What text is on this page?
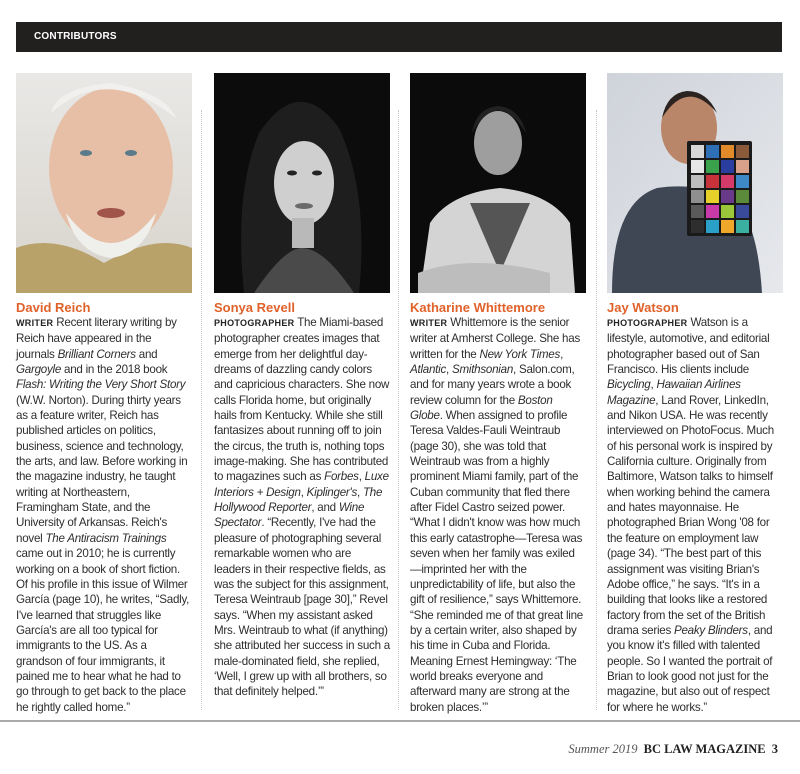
CONTRIBUTORS
David Reich
WRITER Recent literary writing by Reich have appeared in the journals Brilliant Corners and Gargoyle and in the 2018 book Flash: Writing the Very Short Story (W.W. Norton). During thirty years as a feature writer, Reich has published articles on politics, business, science and technology, the arts, and law. Before working in the magazine industry, he taught writing at Northeastern, Framingham State, and the University of Arkansas. Reich's novel The Antiracism Trainings came out in 2010; he is currently working on a book of short fiction. Of his profile in this issue of Wilmer García (page 10), he writes, “Sadly, I've learned that struggles like García's are all too typical for immigrants to the US. As a grandson of four immigrants, it pained me to hear what he had to go through to get back to the place he rightly called home.”
Sonya Revell
PHOTOGRAPHER The Miami-based photographer creates images that emerge from her delightful day-dreams of dazzling candy colors and capricious characters. She now calls Florida home, but originally hails from Kentucky. While she still fantasizes about running off to join the circus, the truth is, nothing tops image-making. She has contributed to magazines such as Forbes, Luxe Interiors + Design, Kiplinger's, The Hollywood Reporter, and Wine Spectator. “Recently, I've had the pleasure of photographing several remarkable women who are leaders in their respective fields, as was the subject for this assignment, Teresa Weintraub [page 30],” Revel says. “When my assistant asked Mrs. Weintraub to what (if anything) she attributed her success in such a male-dominated field, she replied, ‘Well, I grew up with all brothers, so that definitely helped.’”
Katharine Whittemore
WRITER Whittemore is the senior writer at Amherst College. She has written for the New York Times, Atlantic, Smithsonian, Salon.com, and for many years wrote a book review column for the Boston Globe. When assigned to profile Teresa Valdes-Fauli Weintraub (page 30), she was told that Weintraub was from a highly prominent Miami family, part of the Cuban community that fled there after Fidel Castro seized power. “What I didn't know was how much this early catastrophe—Teresa was seven when her family was exiled—imprinted her with the unpredictability of life, but also the gift of resilience,” says Whittemore. “She reminded me of that great line by a certain writer, also shaped by his time in Cuba and Florida. Meaning Ernest Hemingway: ‘The world breaks everyone and afterward many are strong at the broken places.’”
Jay Watson
PHOTOGRAPHER Watson is a lifestyle, automotive, and editorial photographer based out of San Francisco. His clients include Bicycling, Hawaiian Airlines Magazine, Land Rover, LinkedIn, and Nikon USA. He was recently interviewed on PhotoFocus. Much of his personal work is inspired by California culture. Originally from Baltimore, Watson talks to himself when working behind the camera and hates mayonnaise. He photographed Brian Wong '08 for the feature on employment law (page 34). “The best part of this assignment was visiting Brian's Adobe office,” he says. “It's in a building that looks like a restored factory from the set of the British drama series Peaky Blinders, and you know it's filled with talented people. So I wanted the portrait of Brian to look good not just for the magazine, but also out of respect for where he works.”
Summer 2019 BC LAW MAGAZINE 3
